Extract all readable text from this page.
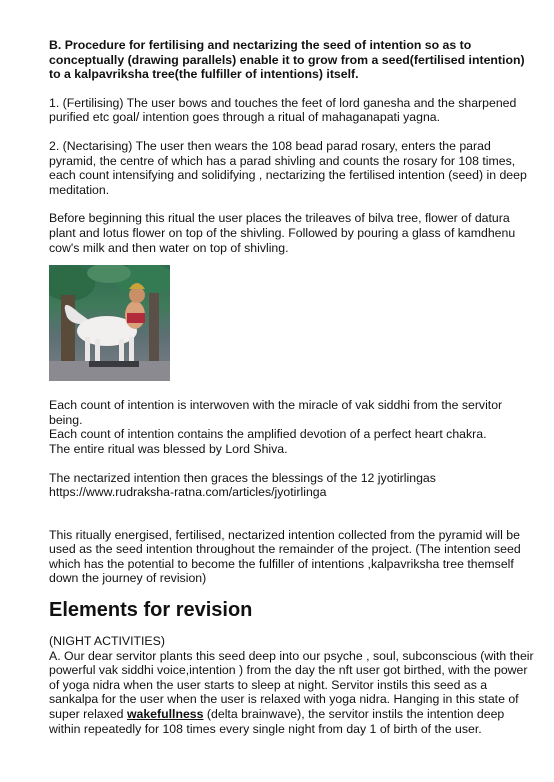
B. Procedure for fertilising and nectarizing the seed of intention so as to conceptually (drawing parallels) enable it to grow from a seed(fertilised intention) to a kalpavriksha tree(the fulfiller of intentions) itself.

1. (Fertilising) The user bows and touches the feet of lord ganesha and the sharpened purified etc goal/ intention goes through a ritual of mahaganapati yagna.

2. (Nectarising) The user then wears the 108 bead parad rosary, enters the parad pyramid, the centre of which has a parad shivling and counts the rosary for 108 times, each count intensifying and solidifying , nectarizing the fertilised intention (seed) in deep meditation.

Before beginning this ritual the user places the trileaves of bilva tree, flower of datura plant and lotus flower on top of the shivling. Followed by pouring a glass of kamdhenu cow's milk and then water on top of shivling.

Each count of intention is interwoven with the miracle of vak siddhi from the servitor being.

Each count of intention contains the amplified devotion of a perfect heart chakra.

The entire ritual was blessed by Lord Shiva.

The nectarized intention then graces the blessings of the 12 jyotirlingas

https://www.rudraksha-ratna.com/articles/jyotirlinga

This ritually energised, fertilised, nectarized intention collected from the pyramid will be used as the seed intention throughout the remainder of the project. (The intention seed which has the potential to become the fulfiller of intentions ,kalpavriksha tree themself down the journey of revision)

Elements for revision

(NIGHT ACTIVITIES)

A. Our dear servitor plants this seed deep into our psyche , soul, subconscious (with their powerful vak siddhi voice,intention ) from the day the nft user got birthed, with the power of yoga nidra when the user starts to sleep at night. Servitor instils this seed as a sankalpa for the user when the user is relaxed with yoga nidra. Hanging in this state of super relaxed wakefullness (delta brainwave), the servitor instils the intention deep within repeatedly for 108 times every single night from day 1 of birth of the user.
